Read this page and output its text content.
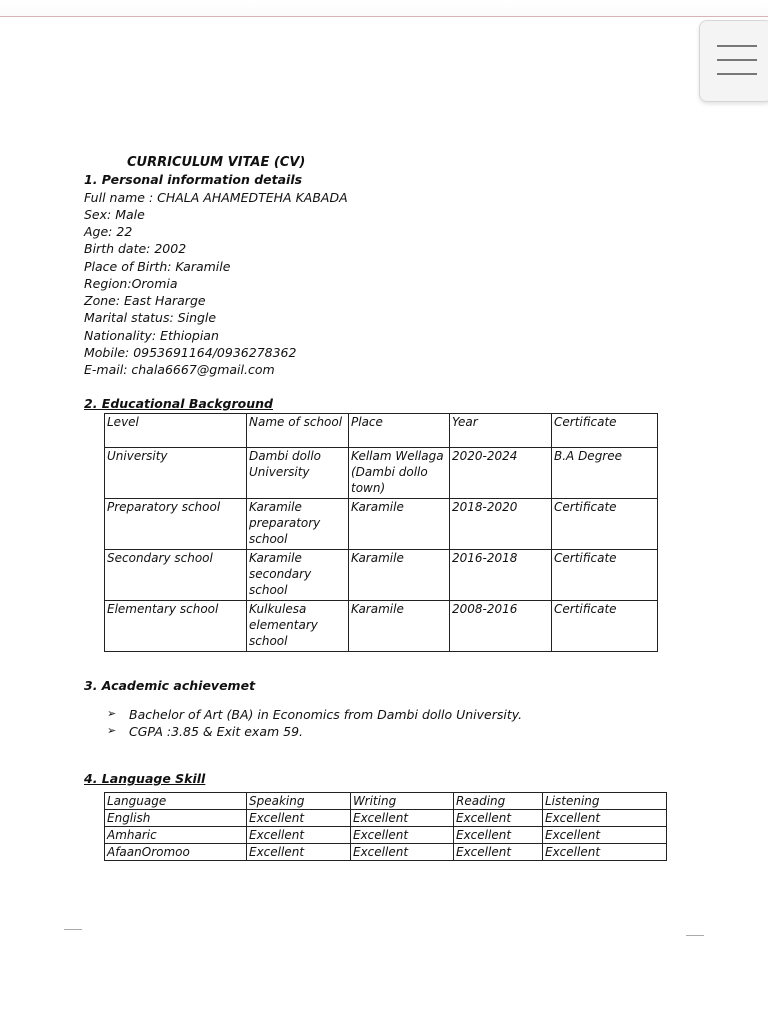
CURRICULUM VITAE (CV)
1. Personal information details
Full name : CHALA AHAMEDTEHA KABADA
Sex: Male
Age: 22
Birth date: 2002
Place of Birth: Karamile
Region:Oromia
Zone: East Hararge
Marital status: Single
Nationality: Ethiopian
Mobile: 0953691164/0936278362
E-mail: chala6667@gmail.com
2. Educational Background
Level	Name of school	Place	Year	Certificate
University	Dambi dollo University	Kellam Wellaga (Dambi dollo town)	2020-2024	B.A Degree
Preparatory school	Karamile preparatory school	Karamile	2018-2020	Certificate
Secondary school	Karamile secondary school	Karamile	2016-2018	Certificate
Elementary school	Kulkulesa elementary school	Karamile	2008-2016	Certificate
3. Academic achievemet
➢ Bachelor of Art (BA) in Economics from Dambi dollo University.
➢ CGPA :3.85 & Exit exam 59.
4. Language Skill
Language	Speaking	Writing	Reading	Listening
English	Excellent	Excellent	Excellent	Excellent
Amharic	Excellent	Excellent	Excellent	Excellent
AfaanOromoo	Excellent	Excellent	Excellent	Excellent
